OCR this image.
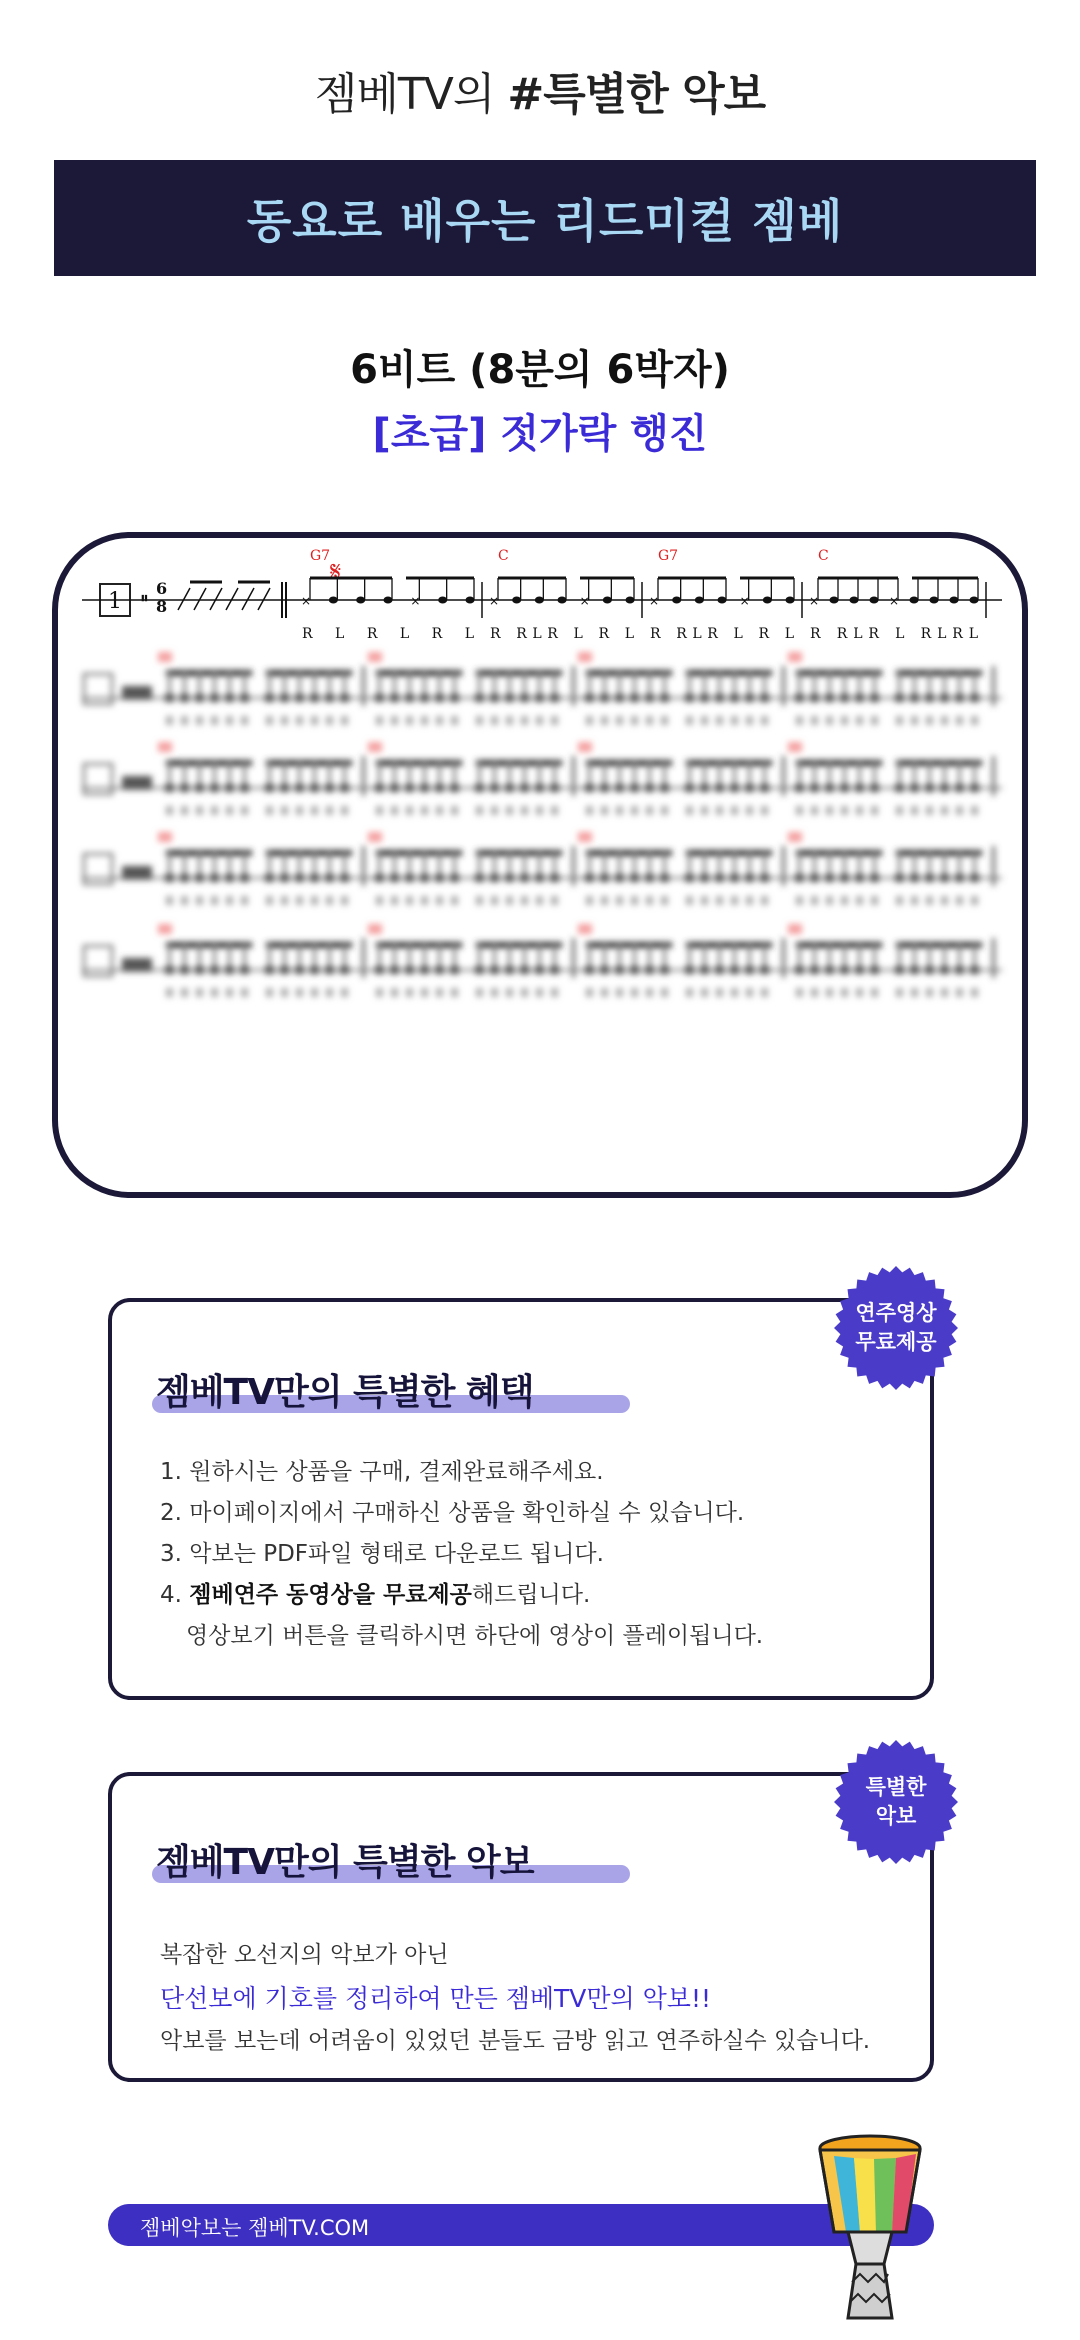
젬베TV의 #특별한 악보
동요로 배우는 리드미컬 젬베
6비트 (8분의 6박자)
[초급] 젓가락 행진
1 𝄥
6
8
𝄋
G7
×	×
R L R L R L
C
×	×
R RLR L R L
G7
×	×
R RLR L R L
C
×	×
R RLR L RLRL
젬베TV만의 특별한 혜택
1. 원하시는 상품을 구매, 결제완료해주세요.
2. 마이페이지에서 구매하신 상품을 확인하실 수 있습니다.
3. 악보는 PDF파일 형태로 다운로드 됩니다.
4. 젬베연주 동영상을 무료제공해드립니다.
영상보기 버튼을 클릭하시면 하단에 영상이 플레이됩니다.
연주영상
무료제공
젬베TV만의 특별한 악보
복잡한 오선지의 악보가 아닌
단선보에 기호를 정리하여 만든 젬베TV만의 악보!!
악보를 보는데 어려움이 있었던 분들도 금방 읽고 연주하실수 있습니다.
특별한
악보
젬베악보는 젬베TV.COM
